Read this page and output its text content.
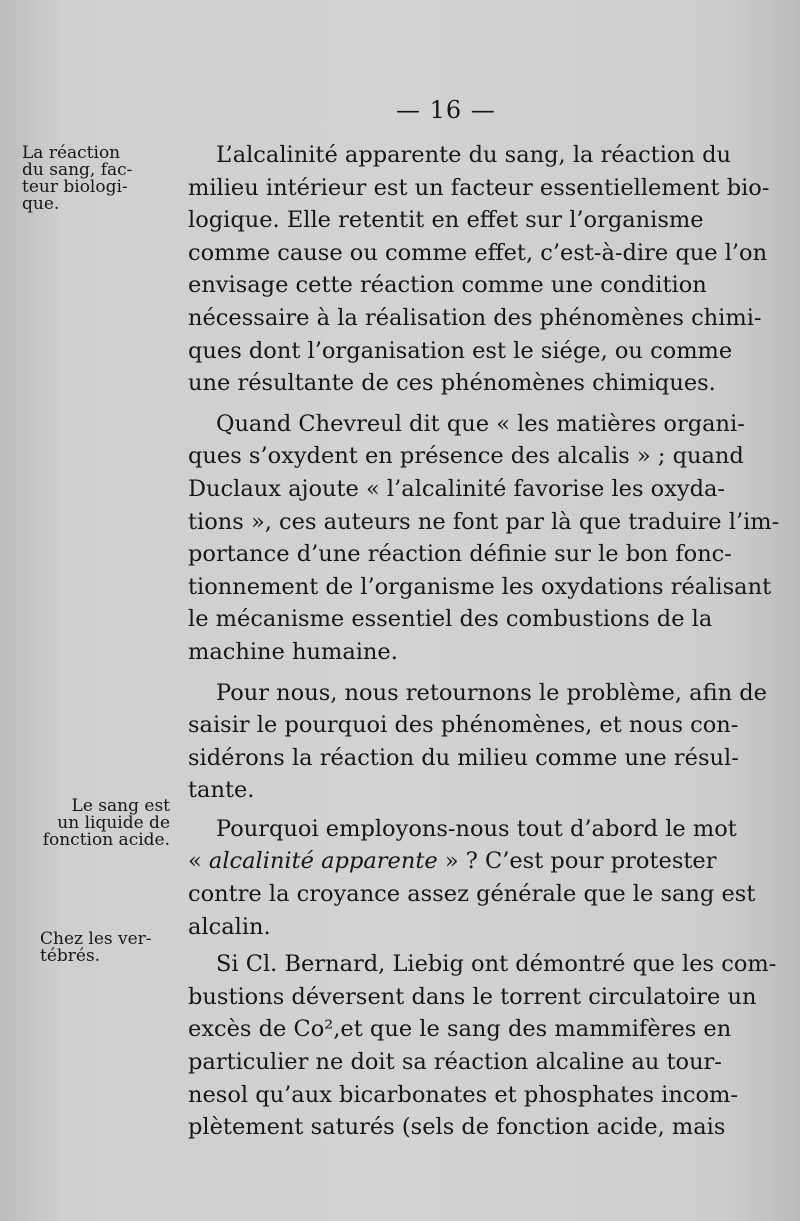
— 16 —
La réaction
du sang, fac-
teur biologi-
que.
Le sang est
un liquide de
fonction acide.
Chez les ver-
tébrés.

L’alcalinité apparente du sang, la réaction du
milieu intérieur est un facteur essentiellement bio-
logique. Elle retentit en effet sur l’organisme
comme cause ou comme effet, c’est-à-dire que l’on
envisage cette réaction comme une condition
nécessaire à la réalisation des phénomènes chimi-
ques dont l’organisation est le siége, ou comme
une résultante de ces phénomènes chimiques.

Quand Chevreul dit que « les matières organi-
ques s’oxydent en présence des alcalis » ; quand
Duclaux ajoute « l’alcalinité favorise les oxyda-
tions », ces auteurs ne font par là que traduire l’im-
portance d’une réaction définie sur le bon fonc-
tionnement de l’organisme les oxydations réalisant
le mécanisme essentiel des combustions de la
machine humaine.

Pour nous, nous retournons le problème, afin de
saisir le pourquoi des phénomènes, et nous con-
sidérons la réaction du milieu comme une résul-
tante.

Pourquoi employons-nous tout d’abord le mot
« alcalinité apparente » ? C’est pour protester
contre la croyance assez générale que le sang est
alcalin.

Si Cl. Bernard, Liebig ont démontré que les com-
bustions déversent dans le torrent circulatoire un
excès de Co²,et que le sang des mammifères en
particulier ne doit sa réaction alcaline au tour-
nesol qu’aux bicarbonates et phosphates incom-
plètement saturés (sels de fonction acide, mais
